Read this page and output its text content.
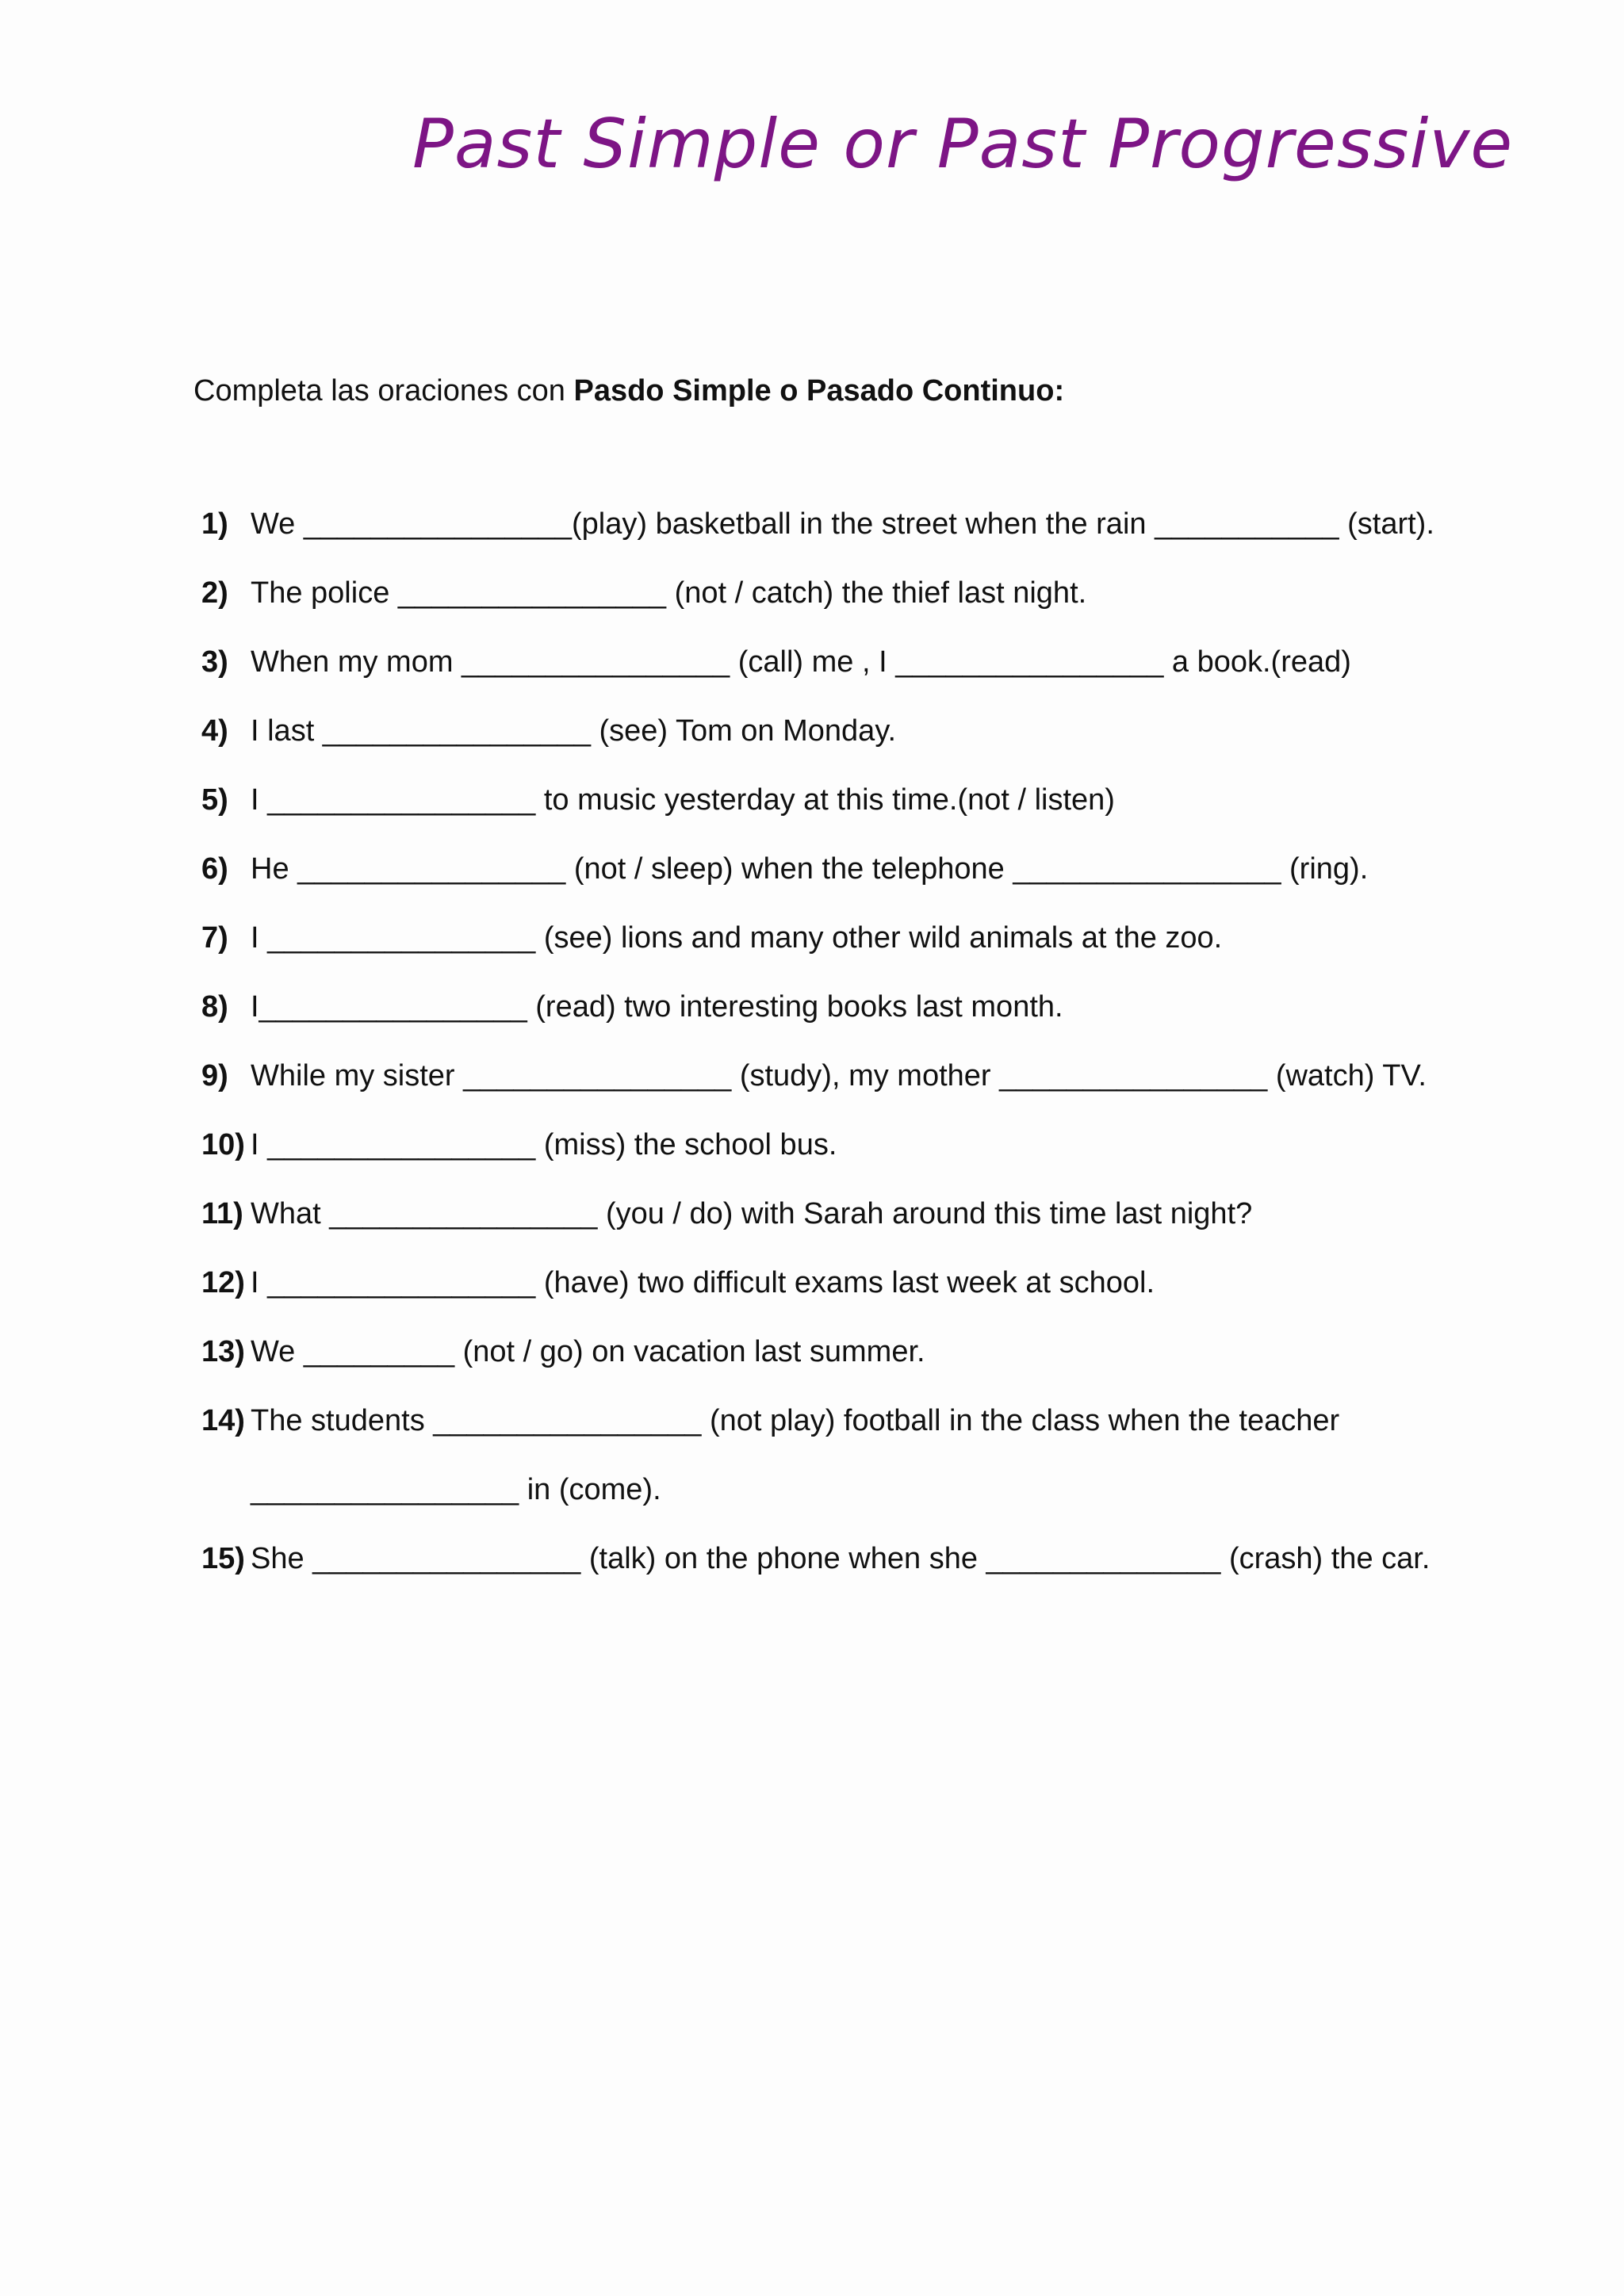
Past Simple or Past Progressive
Completa las oraciones con Pasdo Simple o Pasado Continuo:
1) We ________________(play) basketball in the street when the rain ___________ (start).
2) The police ________________ (not / catch) the thief last night.
3) When my mom ________________ (call) me , I ________________ a book.(read)
4) I last ________________ (see) Tom on Monday.
5) I ________________ to music yesterday at this time.(not / listen)
6) He ________________ (not / sleep) when the telephone ________________ (ring).
7) I ________________ (see) lions and many other wild animals at the zoo.
8) I________________ (read) two interesting books last month.
9) While my sister ________________ (study), my mother ________________ (watch) TV.
10) I ________________ (miss) the school bus.
11) What ________________ (you / do) with Sarah around this time last night?
12) I ________________ (have) two difficult exams last week at school.
13) We _________ (not / go) on vacation last summer.
14) The students ________________ (not play) football in the class when the teacher
________________ in (come).
15) She ________________ (talk) on the phone when she ______________ (crash) the car.
